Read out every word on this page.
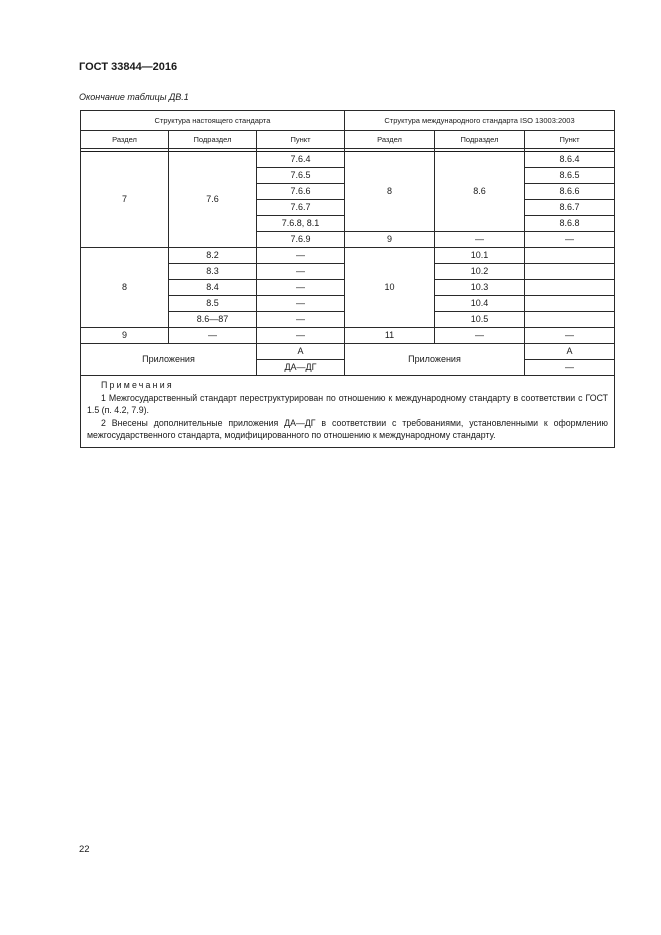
ГОСТ 33844—2016
Окончание таблицы ДВ.1
Структура настоящего стандарта			Структура международного стандарта ISO 13003:2003		
Раздел	Подраздел	Пункт	Раздел	Подраздел	Пункт

7	7.6	7.6.4	8	8.6	8.6.4
		7.6.5			8.6.5
		7.6.6			8.6.6
		7.6.7			8.6.7
		7.6.8, 8.1			8.6.8
		7.6.9	9	—	—
8	8.2	—	10	10.1	
	8.3	—		10.2	
	8.4	—		10.3	
	8.5	—		10.4	
	8.6—87	—		10.5	
9	—	—	11	—	—
Приложения		А	Приложения		А
		ДА—ДГ			—

Примечания
1 Межгосударственный стандарт переструктурирован по отношению к международному стандарту в соответствии с ГОСТ 1.5 (п. 4.2, 7.9).
2 Внесены дополнительные приложения ДА—ДГ в соответствии с требованиями, установленными к оформлению межгосударственного стандарта, модифицированного по отношению к международному стандарту.					
22
